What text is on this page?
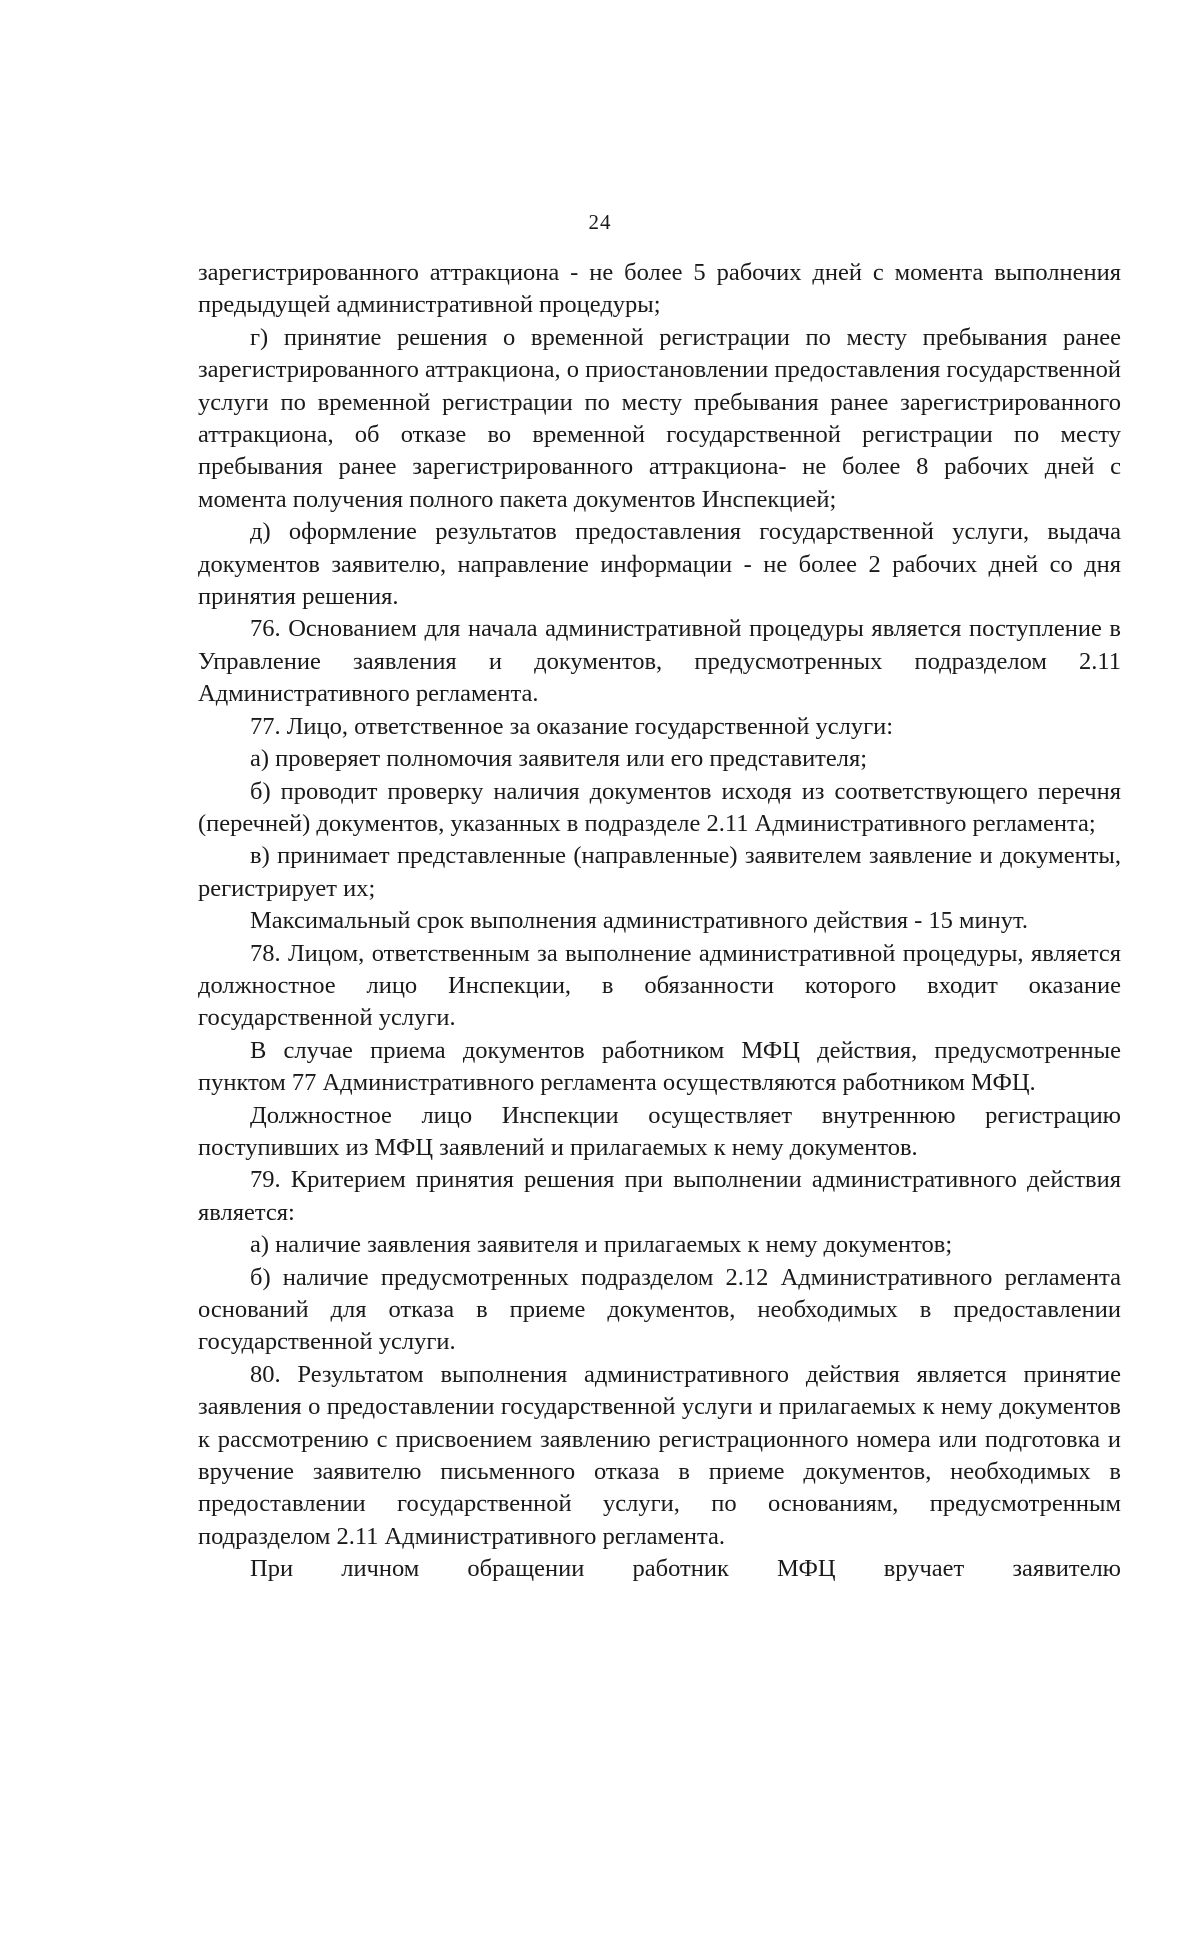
24

зарегистрированного аттракциона - не более 5 рабочих дней с момента выполнения предыдущей административной процедуры;

г) принятие решения о временной регистрации по месту пребывания ранее зарегистрированного аттракциона, о приостановлении предоставления государственной услуги по временной регистрации по месту пребывания ранее зарегистрированного аттракциона, об отказе во временной государственной регистрации по месту пребывания ранее зарегистрированного аттракциона- не более 8 рабочих дней с момента получения полного пакета документов Инспекцией;

д) оформление результатов предоставления государственной услуги, выдача документов заявителю, направление информации - не более 2 рабочих дней со дня принятия решения.

76. Основанием для начала административной процедуры является поступление в Управление заявления и документов, предусмотренных подразделом 2.11 Административного регламента.

77. Лицо, ответственное за оказание государственной услуги:

а) проверяет полномочия заявителя или его представителя;

б) проводит проверку наличия документов исходя из соответствующего перечня (перечней) документов, указанных в подразделе 2.11 Административного регламента;

в) принимает представленные (направленные) заявителем заявление и документы, регистрирует их;

Максимальный срок выполнения административного действия - 15 минут.

78. Лицом, ответственным за выполнение административной процедуры, является должностное лицо Инспекции, в обязанности которого входит оказание государственной услуги.

В случае приема документов работником МФЦ действия, предусмотренные пунктом 77 Административного регламента осуществляются работником МФЦ.

Должностное лицо Инспекции осуществляет внутреннюю регистрацию поступивших из МФЦ заявлений и прилагаемых к нему документов.

79. Критерием принятия решения при выполнении административного действия является:

а) наличие заявления заявителя и прилагаемых к нему документов;

б) наличие предусмотренных подразделом 2.12 Административного регламента оснований для отказа в приеме документов, необходимых в предоставлении государственной услуги.

80. Результатом выполнения административного действия является принятие заявления о предоставлении государственной услуги и прилагаемых к нему документов к рассмотрению с присвоением заявлению регистрационного номера или подготовка и вручение заявителю письменного отказа в приеме документов, необходимых в предоставлении государственной услуги, по основаниям, предусмотренным подразделом 2.11 Административного регламента.

При личном обращении работник МФЦ вручает заявителю
